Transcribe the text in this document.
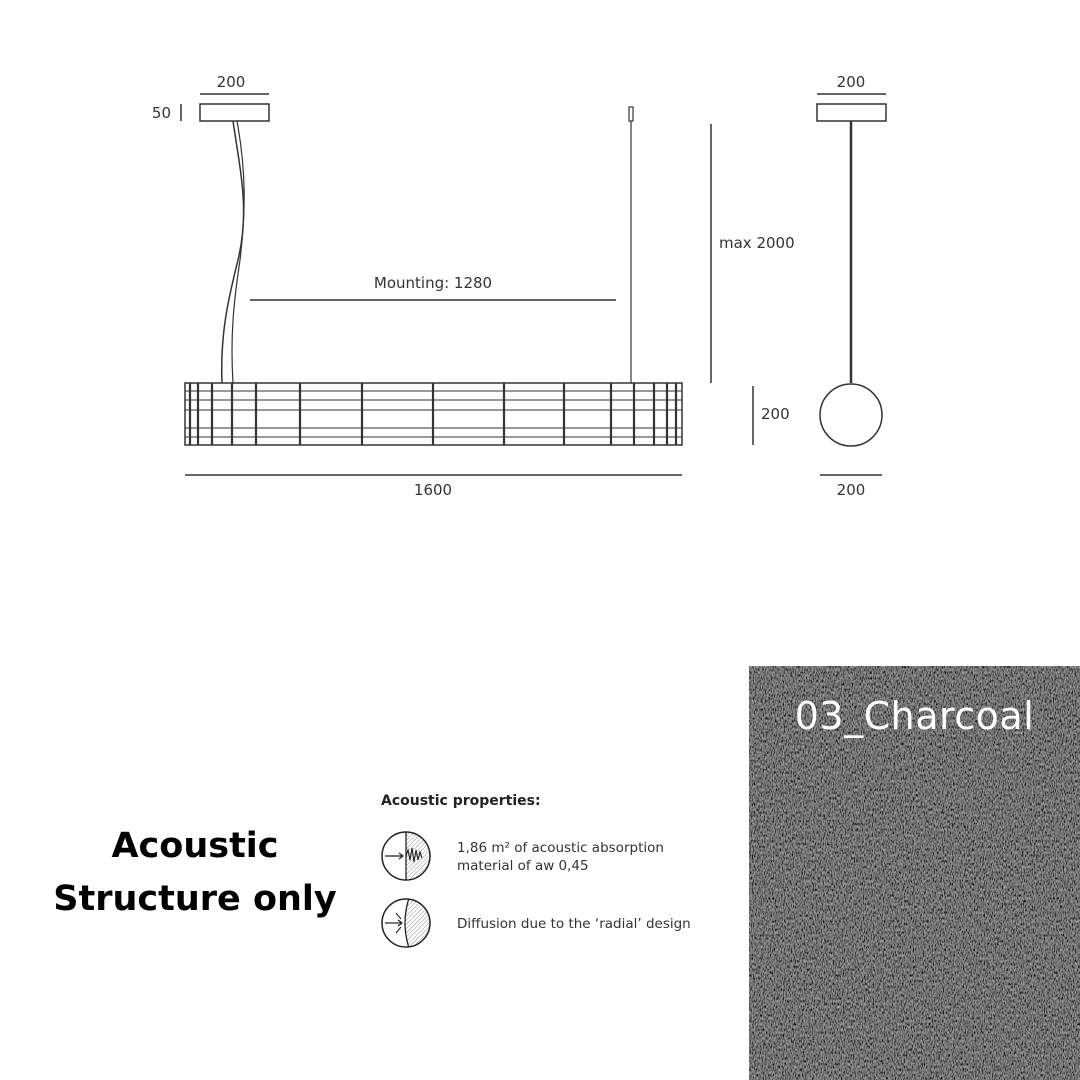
200
50
Mounting: 1280
max 2000
200
1600
200
200
Acoustic
Structure only
Acoustic properties:
1,86 m² of acoustic absorption
material of aw 0,45
Diffusion due to the ‘radial’ design
03_Charcoal
